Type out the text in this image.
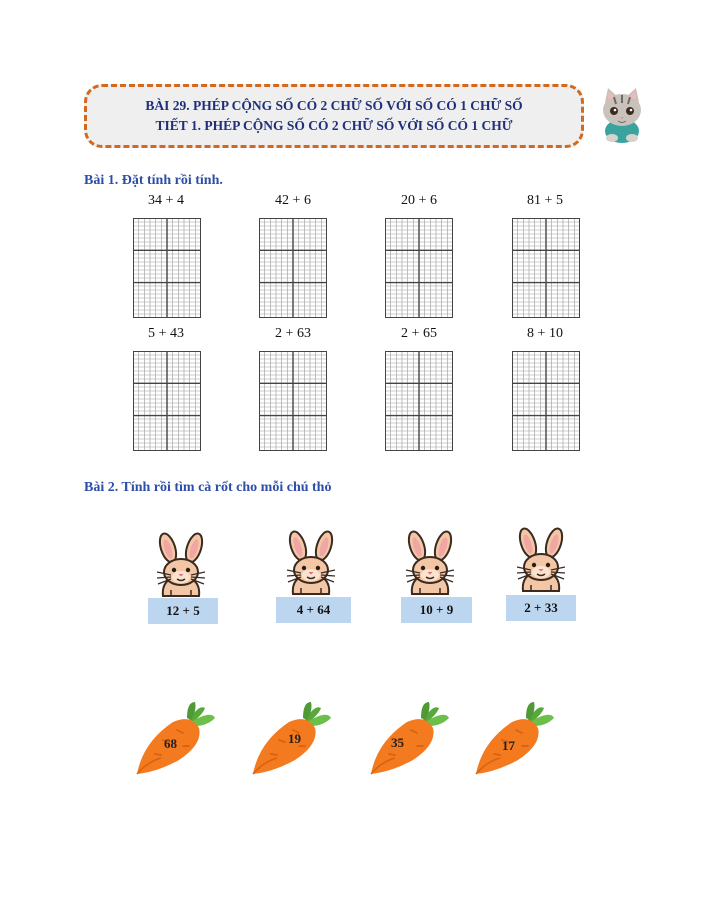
BÀI 29. PHÉP CỘNG SỐ CÓ 2 CHỮ SỐ VỚI SỐ CÓ 1 CHỮ SỐ
TIẾT 1. PHÉP CỘNG SỐ CÓ 2 CHỮ SỐ VỚI SỐ CÓ 1 CHỮ
Bài 1. Đặt tính rồi tính.
34 + 4	42 + 6	20 + 6	81 + 5
5 + 43	2 + 63	2 + 65	8 + 10
Bài 2. Tính rồi tìm cà rốt cho mỗi chú thỏ
12 + 5	4 + 64	10 + 9	2 + 33
68	19	35	17
